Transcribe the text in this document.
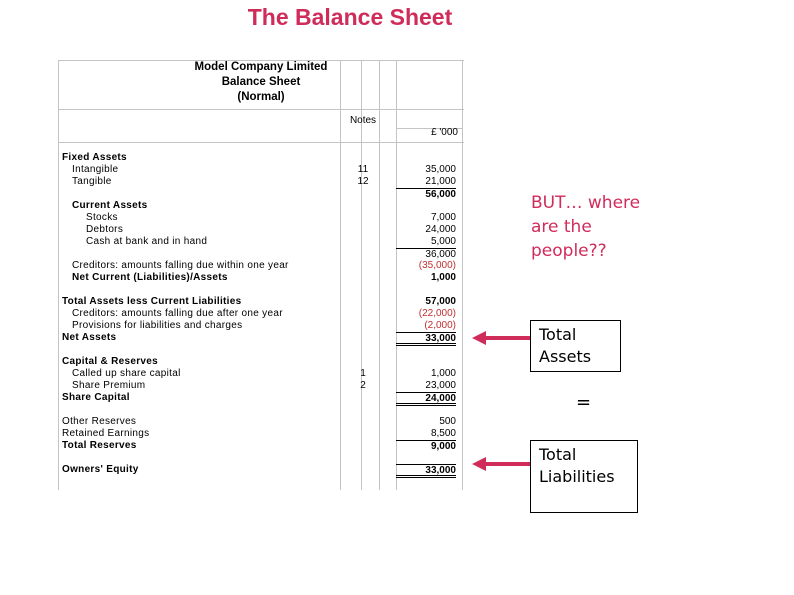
The Balance Sheet
Model Company Limited
Balance Sheet
(Normal)
Notes
£ '000
Fixed Assets
Intangible	11	35,000
Tangible	12	21,000
56,000
Current Assets
Stocks	7,000
Debtors	24,000
Cash at bank and in hand	5,000
36,000
Creditors: amounts falling due within one year	(35,000)
Net Current (Liabilities)/Assets	1,000
Total Assets less Current Liabilities	57,000
Creditors: amounts falling due after one year	(22,000)
Provisions for liabilities and charges	(2,000)
Net Assets	33,000
Capital & Reserves
Called up share capital	1	1,000
Share Premium	2	23,000
Share Capital	24,000
Other Reserves	500
Retained Earnings	8,500
Total Reserves	9,000
Owners' Equity	33,000
BUT… where are the people??
Total Assets
=
Total Liabilities
